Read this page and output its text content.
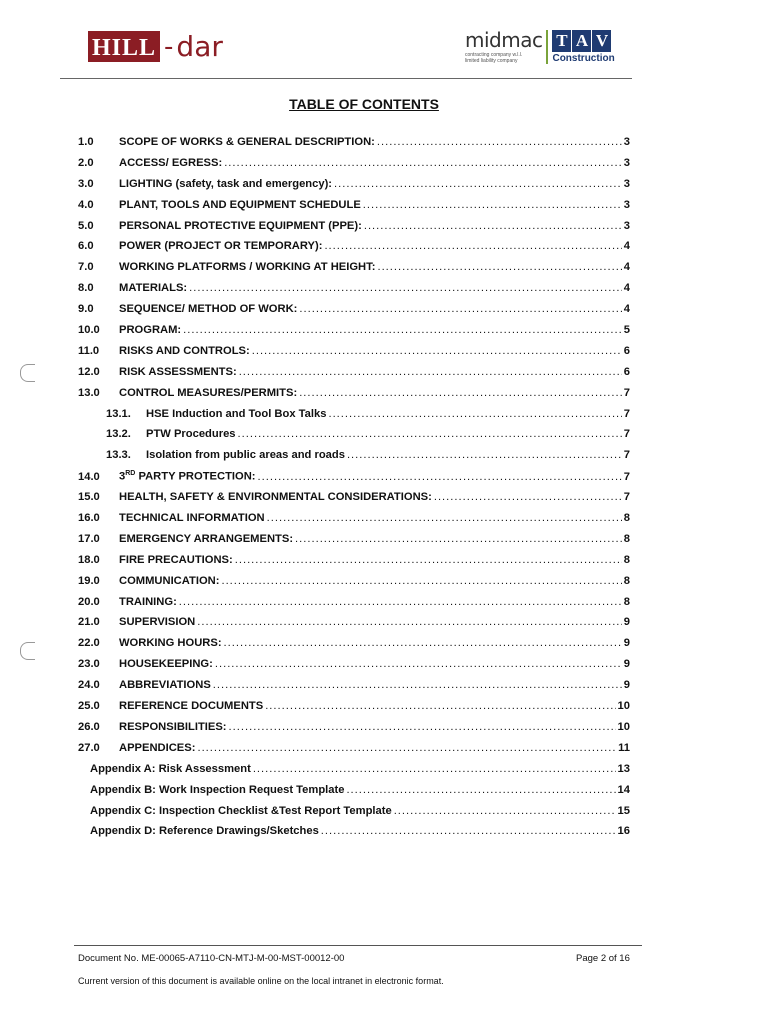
HILL - dar	midmac
contracting company w.l.l. limited liability company
T A V
Construction
TABLE OF CONTENTS
1.0	SCOPE OF WORKS & GENERAL DESCRIPTION: .....	3
2.0	ACCESS/ EGRESS: .....	3
3.0	LIGHTING (safety, task and emergency): .....	3
4.0	PLANT, TOOLS AND EQUIPMENT SCHEDULE .....	3
5.0	PERSONAL PROTECTIVE EQUIPMENT (PPE): .....	3
6.0	POWER (PROJECT OR TEMPORARY): .....	4
7.0	WORKING PLATFORMS / WORKING AT HEIGHT: .....	4
8.0	MATERIALS: .....	4
9.0	SEQUENCE/ METHOD OF WORK: .....	4
10.0	PROGRAM: .....	5
11.0	RISKS AND CONTROLS: .....	6
12.0	RISK ASSESSMENTS: .....	6
13.0	CONTROL MEASURES/PERMITS: .....	7
13.1. HSE Induction and Tool Box Talks .....	7
13.2. PTW Procedures .....	7
13.3. Isolation from public areas and roads .....	7
14.0	3RD PARTY PROTECTION: .....	7
15.0	HEALTH, SAFETY & ENVIRONMENTAL CONSIDERATIONS: .....	7
16.0	TECHNICAL INFORMATION .....	8
17.0	EMERGENCY ARRANGEMENTS: .....	8
18.0	FIRE PRECAUTIONS: .....	8
19.0	COMMUNICATION: .....	8
20.0	TRAINING: .....	8
21.0	SUPERVISION .....	9
22.0	WORKING HOURS: .....	9
23.0	HOUSEKEEPING: .....	9
24.0	ABBREVIATIONS .....	9
25.0	REFERENCE DOCUMENTS .....	10
26.0	RESPONSIBILITIES: .....	10
27.0	APPENDICES: .....	11
Appendix A: Risk Assessment .....	13
Appendix B: Work Inspection Request Template .....	14
Appendix C: Inspection Checklist &Test Report Template .....	15
Appendix D: Reference Drawings/Sketches .....	16
Document No. ME-00065-A7110-CN-MTJ-M-00-MST-00012-00	Page 2 of 16
Current version of this document is available online on the local intranet in electronic format.
